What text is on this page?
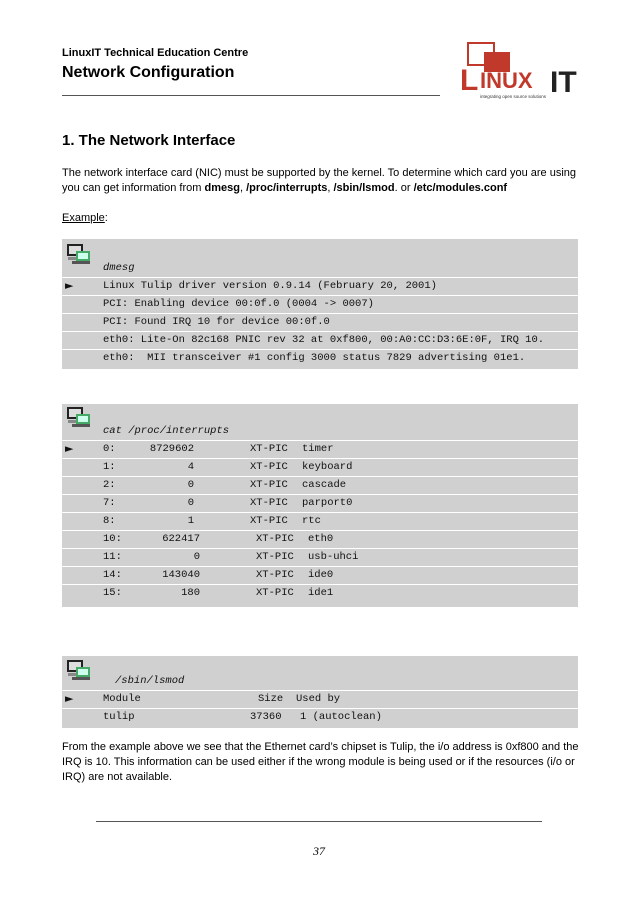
LinuxIT Technical Education Centre
Network Configuration	L INUX IT
integrating open source solutions
1. The Network Interface
The network interface card (NIC) must be supported by the kernel. To determine which card you are using you can get information from dmesg, /proc/interrupts, /sbin/lsmod. or /etc/modules.conf
Example:
dmesg
►	Linux Tulip driver version 0.9.14 (February 20, 2001)
PCI: Enabling device 00:0f.0 (0004 -> 0007)
PCI: Found IRQ 10 for device 00:0f.0
eth0: Lite-On 82c168 PNIC rev 32 at 0xf800, 00:A0:CC:D3:6E:0F, IRQ 10.
eth0:  MII transceiver #1 config 3000 status 7829 advertising 01e1.
cat /proc/interrupts
►	0:	8729602	XT-PIC timer
1:	4	XT-PIC keyboard
2:	0	XT-PIC cascade
7:	0	XT-PIC parport0
8:	1	XT-PIC rtc
10:	622417	XT-PIC eth0
11:	0	XT-PIC usb-uhci
14:	143040	XT-PIC ide0
15:	180	XT-PIC ide1
/sbin/lsmod
►	Module	Size Used by
tulip	37360 1 (autoclean)
From the example above we see that the Ethernet card’s chipset is Tulip, the i/o address is 0xf800 and the IRQ is 10. This information can be used either if the wrong module is being used or if the resources (i/o or IRQ) are not available.
37
